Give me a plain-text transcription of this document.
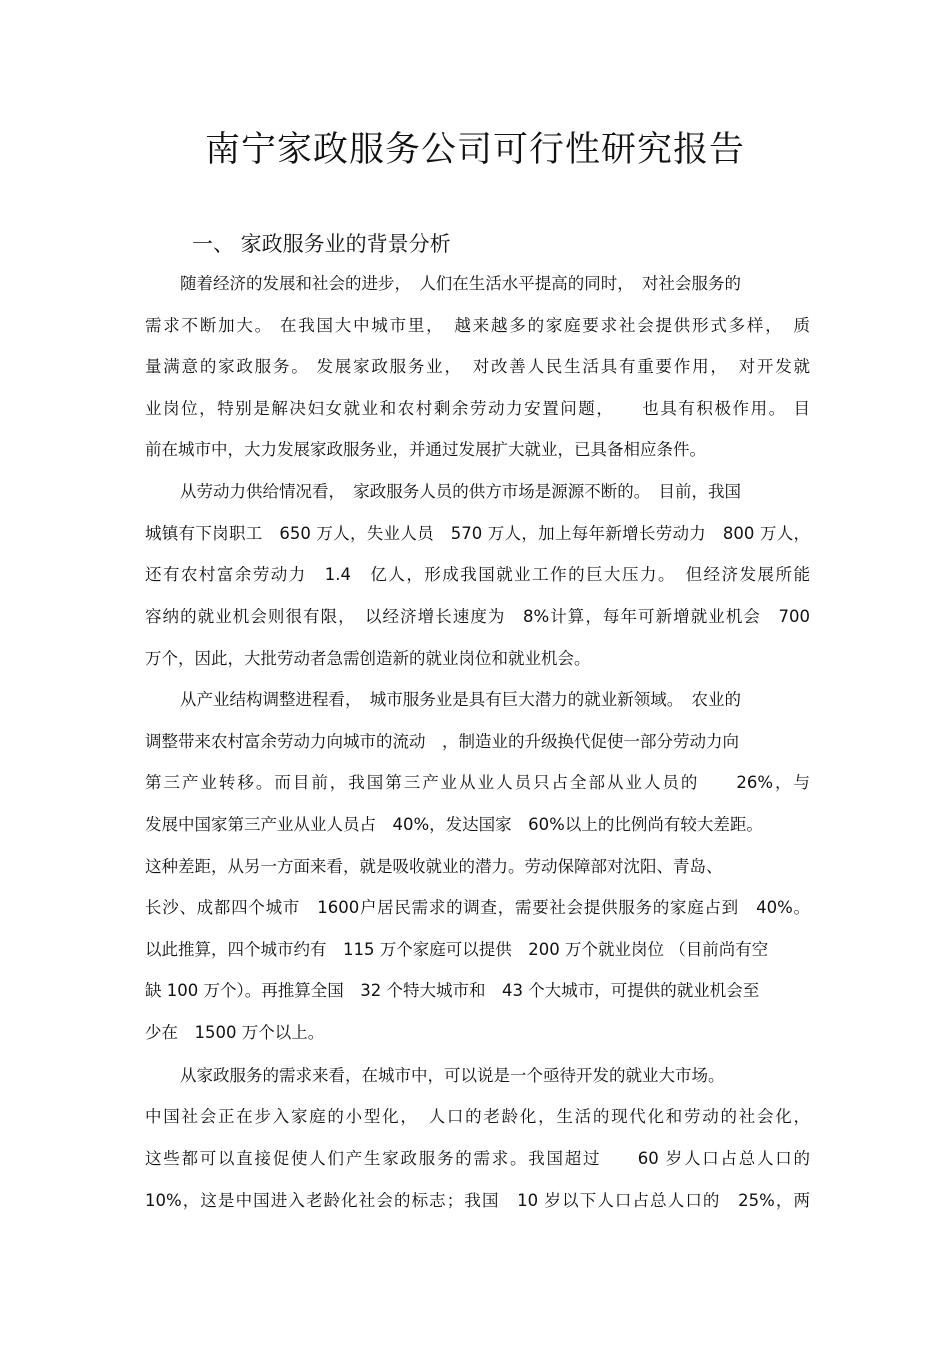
南宁家政服务公司可行性研究报告
一、 家政服务业的背景分析

随着经济的发展和社会的进步，　人们在生活水平提高的同时，　对社会服务的

需求不断加大。 在我国大中城市里，　越来越多的家庭要求社会提供形式多样，　质

量满意的家政服务。 发展家政服务业，　对改善人民生活具有重要作用，　对开发就

业岗位，特别是解决妇女就业和农村剩余劳动力安置问题，　　也具有积极作用。 目

前在城市中，大力发展家政服务业，并通过发展扩大就业，已具备相应条件。

从劳动力供给情况看，　家政服务人员的供方市场是源源不断的。　目前，我国

城镇有下岗职工　650 万人，失业人员　570 万人，加上每年新增长劳动力　800 万人，

还有农村富余劳动力　1.4　亿人，形成我国就业工作的巨大压力。　但经济发展所能

容纳的就业机会则很有限，　以经济增长速度为　8%计算，每年可新增就业机会　700

万个，因此，大批劳动者急需创造新的就业岗位和就业机会。

从产业结构调整进程看，　城市服务业是具有巨大潜力的就业新领域。　农业的

调整带来农村富余劳动力向城市的流动　，制造业的升级换代促使一部分劳动力向

第三产业转移。而目前，我国第三产业从业人员只占全部从业人员的　　26%，与

发展中国家第三产业从业人员占　40%，发达国家　60%以上的比例尚有较大差距。

这种差距，从另一方面来看，就是吸收就业的潜力。劳动保障部对沈阳、青岛、

长沙、成都四个城市　1600户居民需求的调查，需要社会提供服务的家庭占到　40%。

以此推算，四个城市约有　115 万个家庭可以提供　200 万个就业岗位 （目前尚有空

缺 100 万个）。再推算全国　32 个特大城市和　43 个大城市，可提供的就业机会至

少在　1500 万个以上。

从家政服务的需求来看，在城市中，可以说是一个亟待开发的就业大市场。

中国社会正在步入家庭的小型化，　人口的老龄化，生活的现代化和劳动的社会化，

这些都可以直接促使人们产生家政服务的需求。我国超过　　60 岁人口占总人口的

10%，这是中国进入老龄化社会的标志；我国　10 岁以下人口占总人口的　25%，两
